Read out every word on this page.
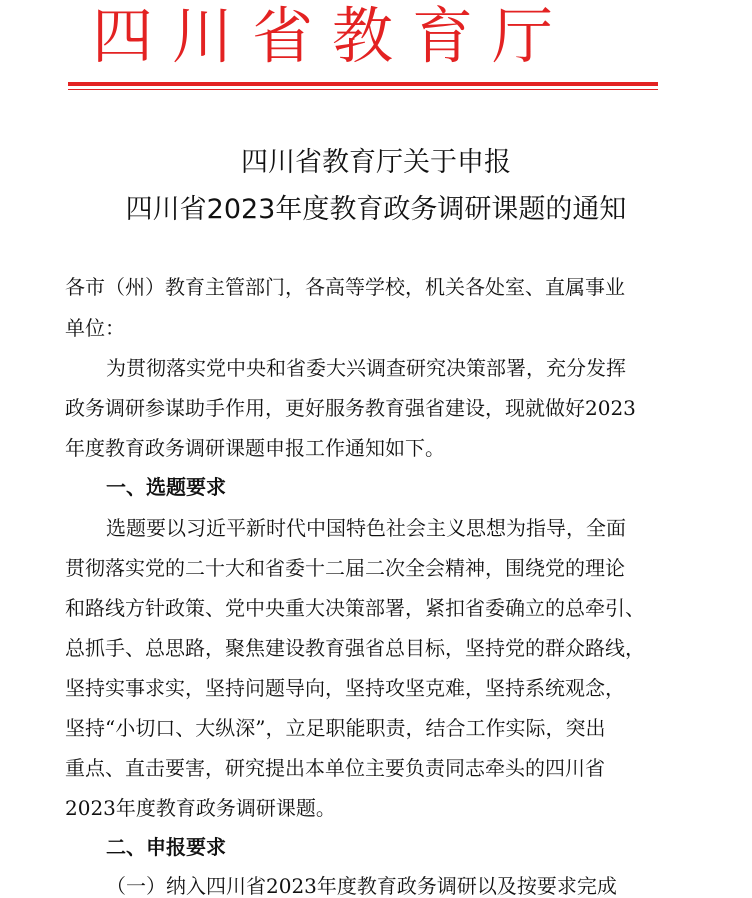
四川省教育厅
四川省教育厅关于申报
四川省2023年度教育政务调研课题的通知
各市（州）教育主管部门，各高等学校，机关各处室、直属事业
单位：
为贯彻落实党中央和省委大兴调查研究决策部署，充分发挥
政务调研参谋助手作用，更好服务教育强省建设，现就做好2023
年度教育政务调研课题申报工作通知如下。
一、选题要求
选题要以习近平新时代中国特色社会主义思想为指导，全面
贯彻落实党的二十大和省委十二届二次全会精神，围绕党的理论
和路线方针政策、党中央重大决策部署，紧扣省委确立的总牵引、
总抓手、总思路，聚焦建设教育强省总目标，坚持党的群众路线，
坚持实事求实，坚持问题导向，坚持攻坚克难，坚持系统观念，
坚持“小切口、大纵深”，立足职能职责，结合工作实际，突出
重点、直击要害，研究提出本单位主要负责同志牵头的四川省
2023年度教育政务调研课题。
二、申报要求
（一）纳入四川省2023年度教育政务调研以及按要求完成
